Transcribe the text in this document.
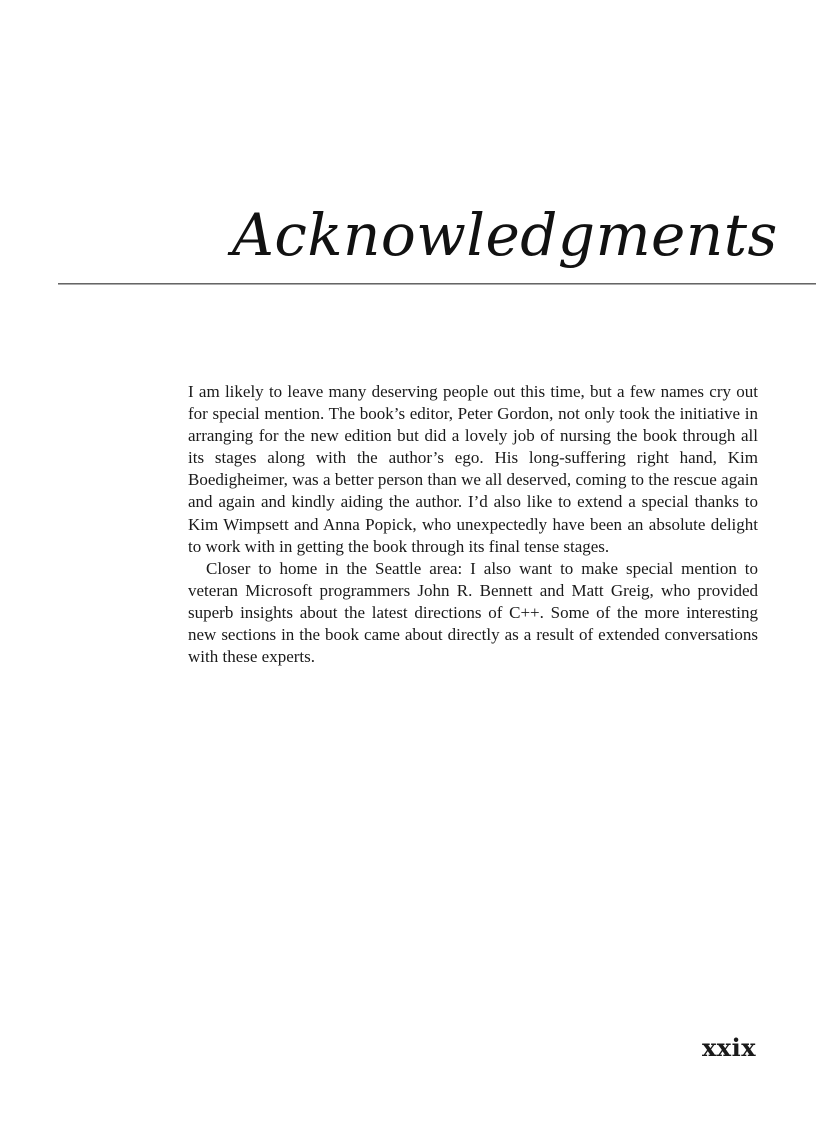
Acknowledgments

I am likely to leave many deserving people out this time, but a few names cry out for special mention. The book’s editor, Peter Gordon, not only took the initiative in arranging for the new edition but did a lovely job of nursing the book through all its stages along with the author’s ego. His long-suffering right hand, Kim Boedigheimer, was a better person than we all deserved, coming to the rescue again and again and kindly aiding the author. I’d also like to extend a special thanks to Kim Wimpsett and Anna Popick, who unexpectedly have been an absolute delight to work with in getting the book through its final tense stages.

Closer to home in the Seattle area: I also want to make special mention to veteran Microsoft programmers John R. Bennett and Matt Greig, who provided superb insights about the latest directions of C++. Some of the more interesting new sections in the book came about directly as a result of extended conversations with these experts.

xxix
